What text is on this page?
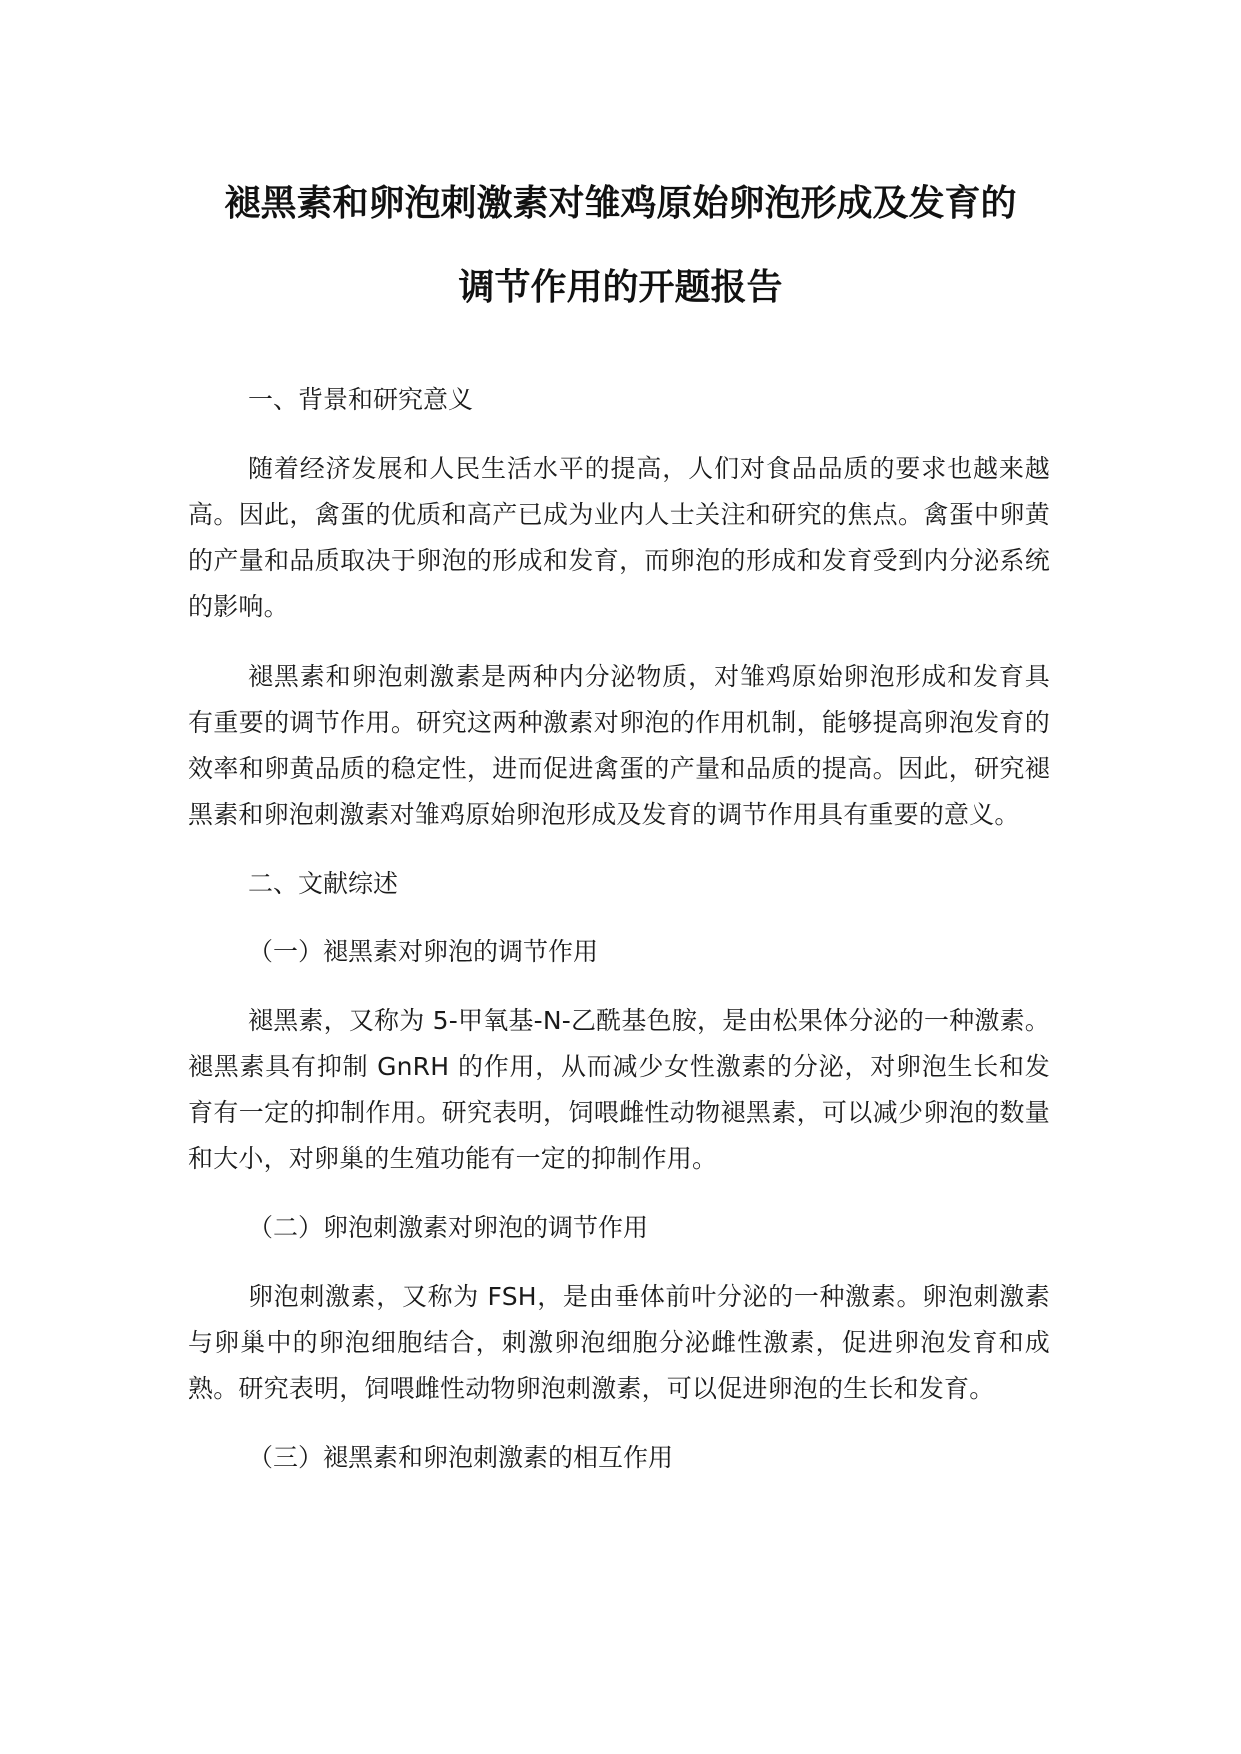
褪黑素和卵泡刺激素对雏鸡原始卵泡形成及发育的
调节作用的开题报告

一、背景和研究意义

随着经济发展和人民生活水平的提高，人们对食品品质的要求也越来越高。因此，禽蛋的优质和高产已成为业内人士关注和研究的焦点。禽蛋中卵黄的产量和品质取决于卵泡的形成和发育，而卵泡的形成和发育受到内分泌系统的影响。

褪黑素和卵泡刺激素是两种内分泌物质，对雏鸡原始卵泡形成和发育具有重要的调节作用。研究这两种激素对卵泡的作用机制，能够提高卵泡发育的效率和卵黄品质的稳定性，进而促进禽蛋的产量和品质的提高。因此，研究褪黑素和卵泡刺激素对雏鸡原始卵泡形成及发育的调节作用具有重要的意义。

二、文献综述

（一）褪黑素对卵泡的调节作用

褪黑素，又称为 5-甲氧基-N-乙酰基色胺，是由松果体分泌的一种激素。褪黑素具有抑制 GnRH 的作用，从而减少女性激素的分泌，对卵泡生长和发育有一定的抑制作用。研究表明，饲喂雌性动物褪黑素，可以减少卵泡的数量和大小，对卵巢的生殖功能有一定的抑制作用。

（二）卵泡刺激素对卵泡的调节作用

卵泡刺激素，又称为 FSH，是由垂体前叶分泌的一种激素。卵泡刺激素与卵巢中的卵泡细胞结合，刺激卵泡细胞分泌雌性激素，促进卵泡发育和成熟。研究表明，饲喂雌性动物卵泡刺激素，可以促进卵泡的生长和发育。

（三）褪黑素和卵泡刺激素的相互作用
